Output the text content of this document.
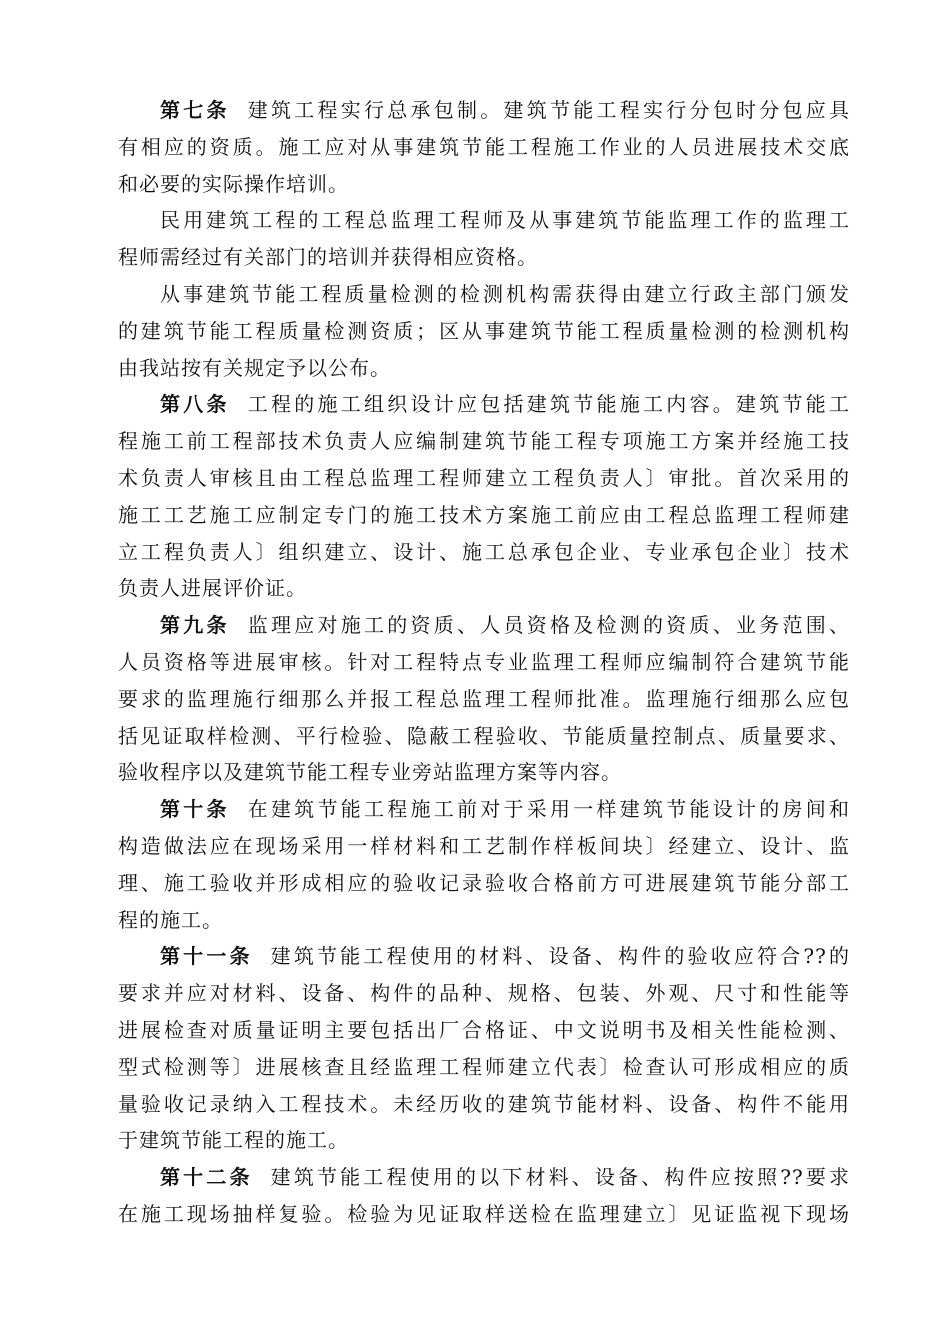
第七条 建筑工程实行总承包制。建筑节能工程实行分包时分包应具
有相应的资质。施工应对从事建筑节能工程施工作业的人员进展技术交底
和必要的实际操作培训。
民用建筑工程的工程总监理工程师及从事建筑节能监理工作的监理工
程师需经过有关部门的培训并获得相应资格。
从事建筑节能工程质量检测的检测机构需获得由建立行政主部门颁发
的建筑节能工程质量检测资质；区从事建筑节能工程质量检测的检测机构
由我站按有关规定予以公布。
第八条 工程的施工组织设计应包括建筑节能施工内容。建筑节能工
程施工前工程部技术负责人应编制建筑节能工程专项施工方案并经施工技
术负责人审核且由工程总监理工程师建立工程负责人〕审批。首次采用的
施工工艺施工应制定专门的施工技术方案施工前应由工程总监理工程师建
立工程负责人〕组织建立、设计、施工总承包企业、专业承包企业〕技术
负责人进展评价证。
第九条 监理应对施工的资质、人员资格及检测的资质、业务范围、
人员资格等进展审核。针对工程特点专业监理工程师应编制符合建筑节能
要求的监理施行细那么并报工程总监理工程师批准。监理施行细那么应包
括见证取样检测、平行检验、隐蔽工程验收、节能质量控制点、质量要求、
验收程序以及建筑节能工程专业旁站监理方案等内容。
第十条 在建筑节能工程施工前对于采用一样建筑节能设计的房间和
构造做法应在现场采用一样材料和工艺制作样板间块〕经建立、设计、监
理、施工验收并形成相应的验收记录验收合格前方可进展建筑节能分部工
程的施工。
第十一条 建筑节能工程使用的材料、设备、构件的验收应符合??的
要求并应对材料、设备、构件的品种、规格、包装、外观、尺寸和性能等
进展检查对质量证明主要包括出厂合格证、中文说明书及相关性能检测、
型式检测等〕进展核查且经监理工程师建立代表〕检查认可形成相应的质
量验收记录纳入工程技术。未经历收的建筑节能材料、设备、构件不能用
于建筑节能工程的施工。
第十二条 建筑节能工程使用的以下材料、设备、构件应按照??要求
在施工现场抽样复验。检验为见证取样送检在监理建立〕见证监视下现场
